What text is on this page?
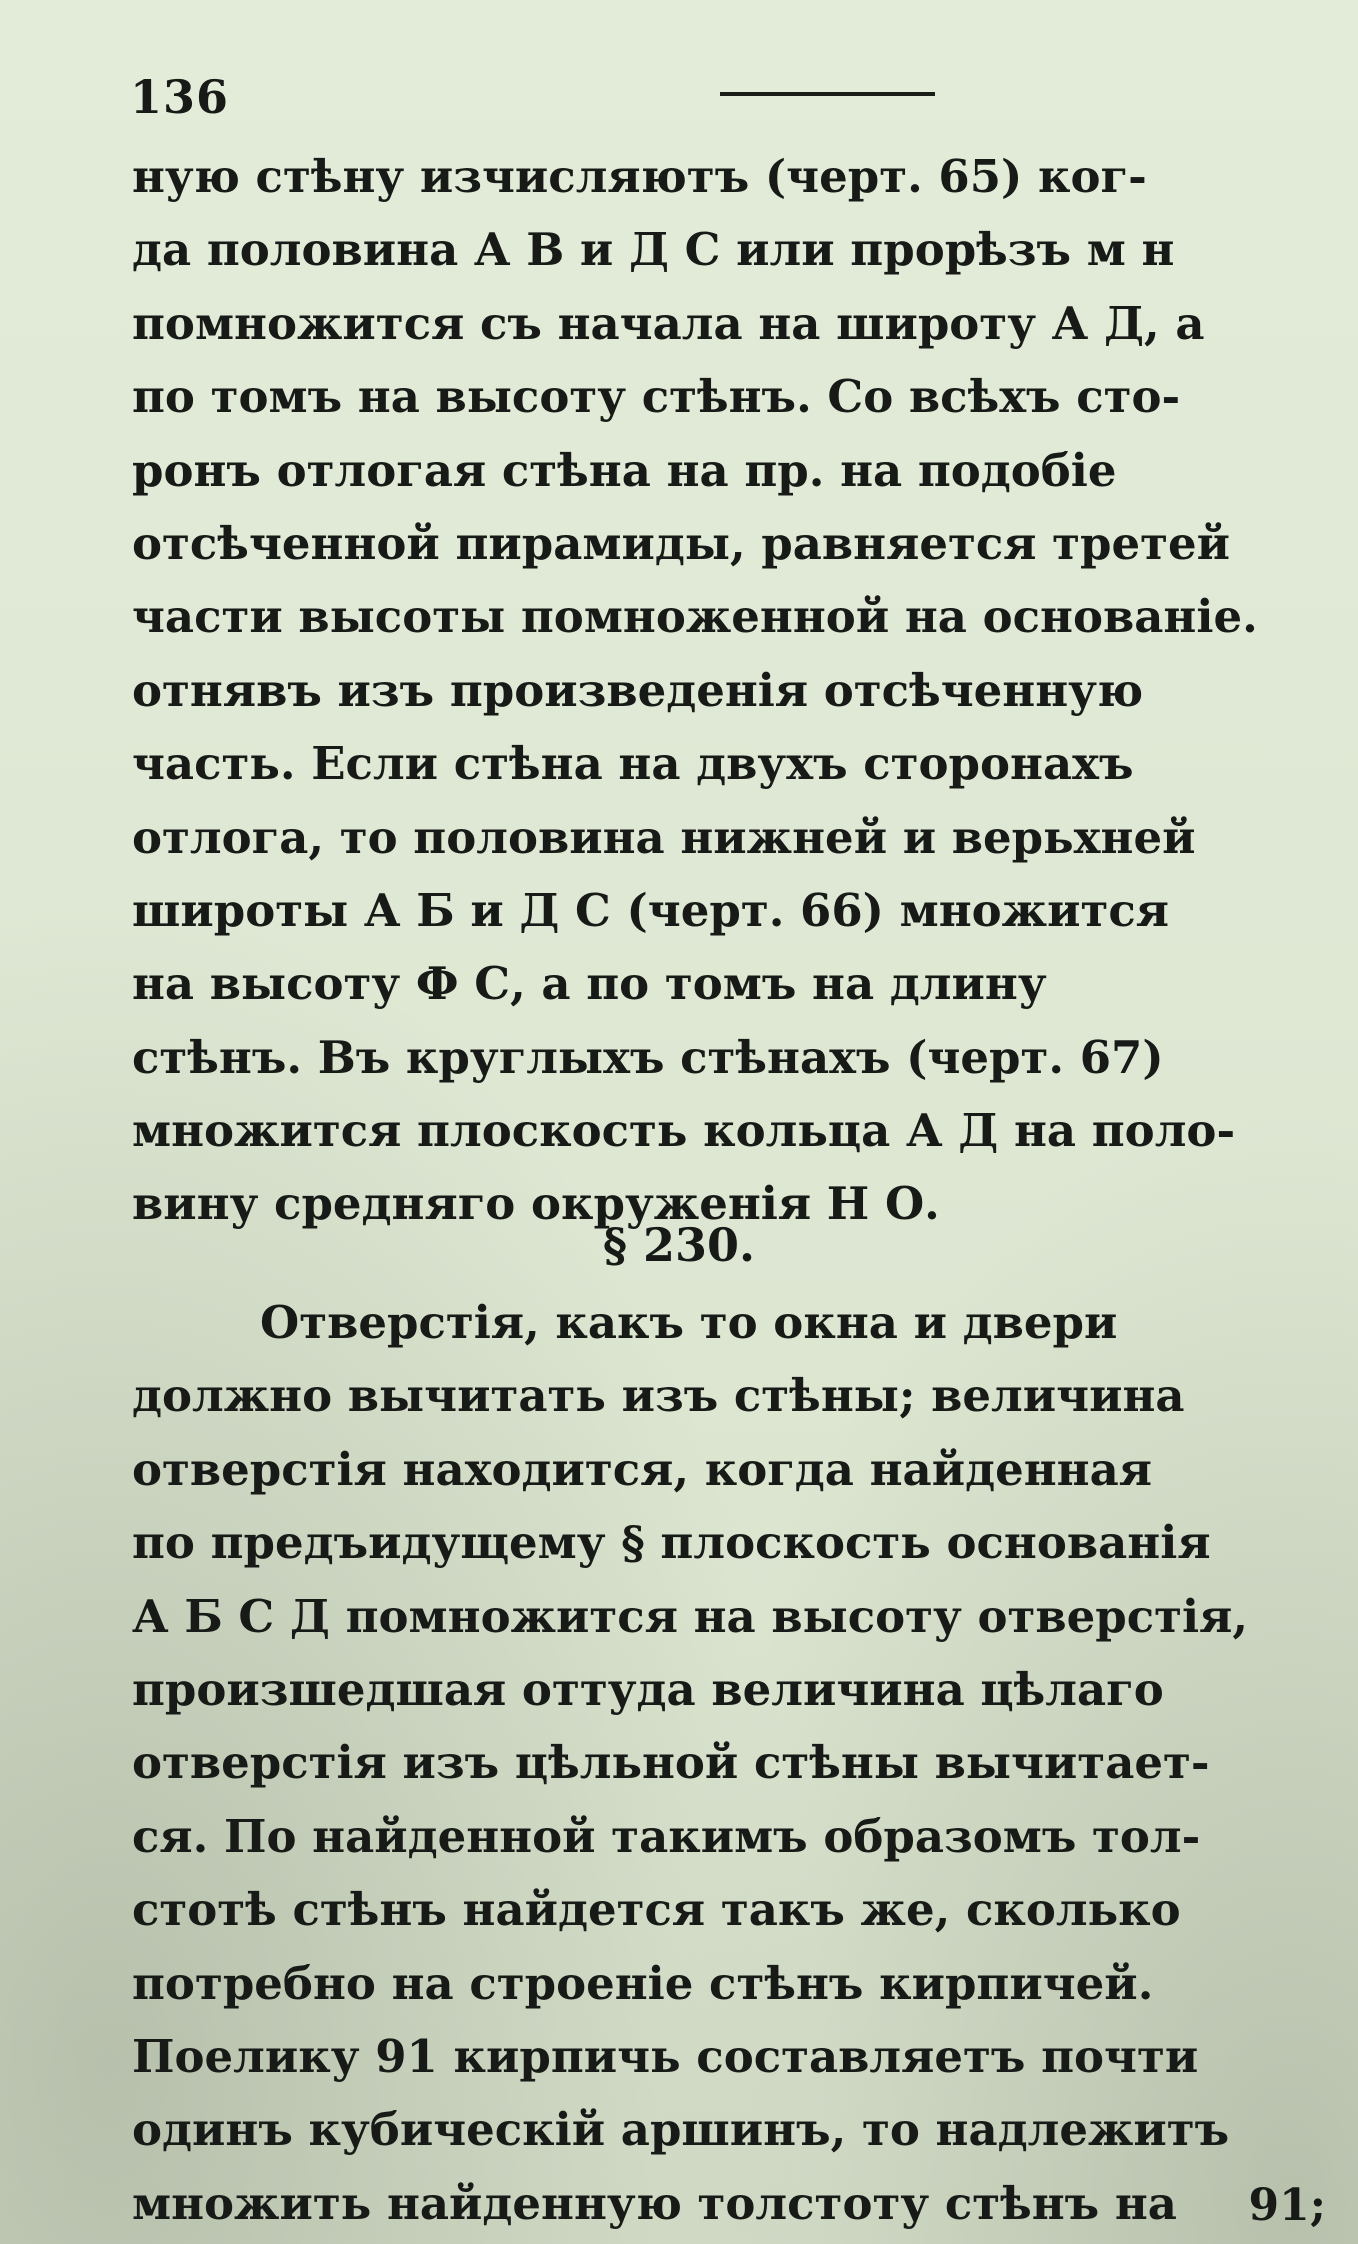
136
ную стѣну изчисляютъ (черт. 65) ког-
да половина А В и Д С или прорѣзъ м н
помножится съ начала на широту А Д, а
по томъ на высоту стѣнъ. Со всѣхъ сто-
ронъ отлогая стѣна на пр. на подобіе
отсѣченной пирамиды, равняется третей
части высоты помноженной на основаніе.
отнявъ изъ произведенія отсѣченную
часть. Если стѣна на двухъ сторонахъ
отлога, то половина нижней и верьхней
широты А Б и Д С (черт. 66) множится
на высоту Ф С, а по томъ на длину
стѣнъ. Въ круглыхъ стѣнахъ (черт. 67)
множится плоскость кольца А Д на поло-
вину средняго окруженія Н О.
§ 230.
Отверстія, какъ то окна и двери
должно вычитать изъ стѣны; величина
отверстія находится, когда найденная
по предъидущему § плоскость основанія
А Б С Д помножится на высоту отверстія,
произшедшая оттуда величина цѣлаго
отверстія изъ цѣльной стѣны вычитает-
ся. По найденной такимъ образомъ тол-
стотѣ стѣнъ найдется такъ же, сколько
потребно на строеніе стѣнъ кирпичей.
Поелику 91 кирпичь составляетъ почти
одинъ кубическій аршинъ, то надлежитъ
множить найденную толстоту стѣнъ на	91;
